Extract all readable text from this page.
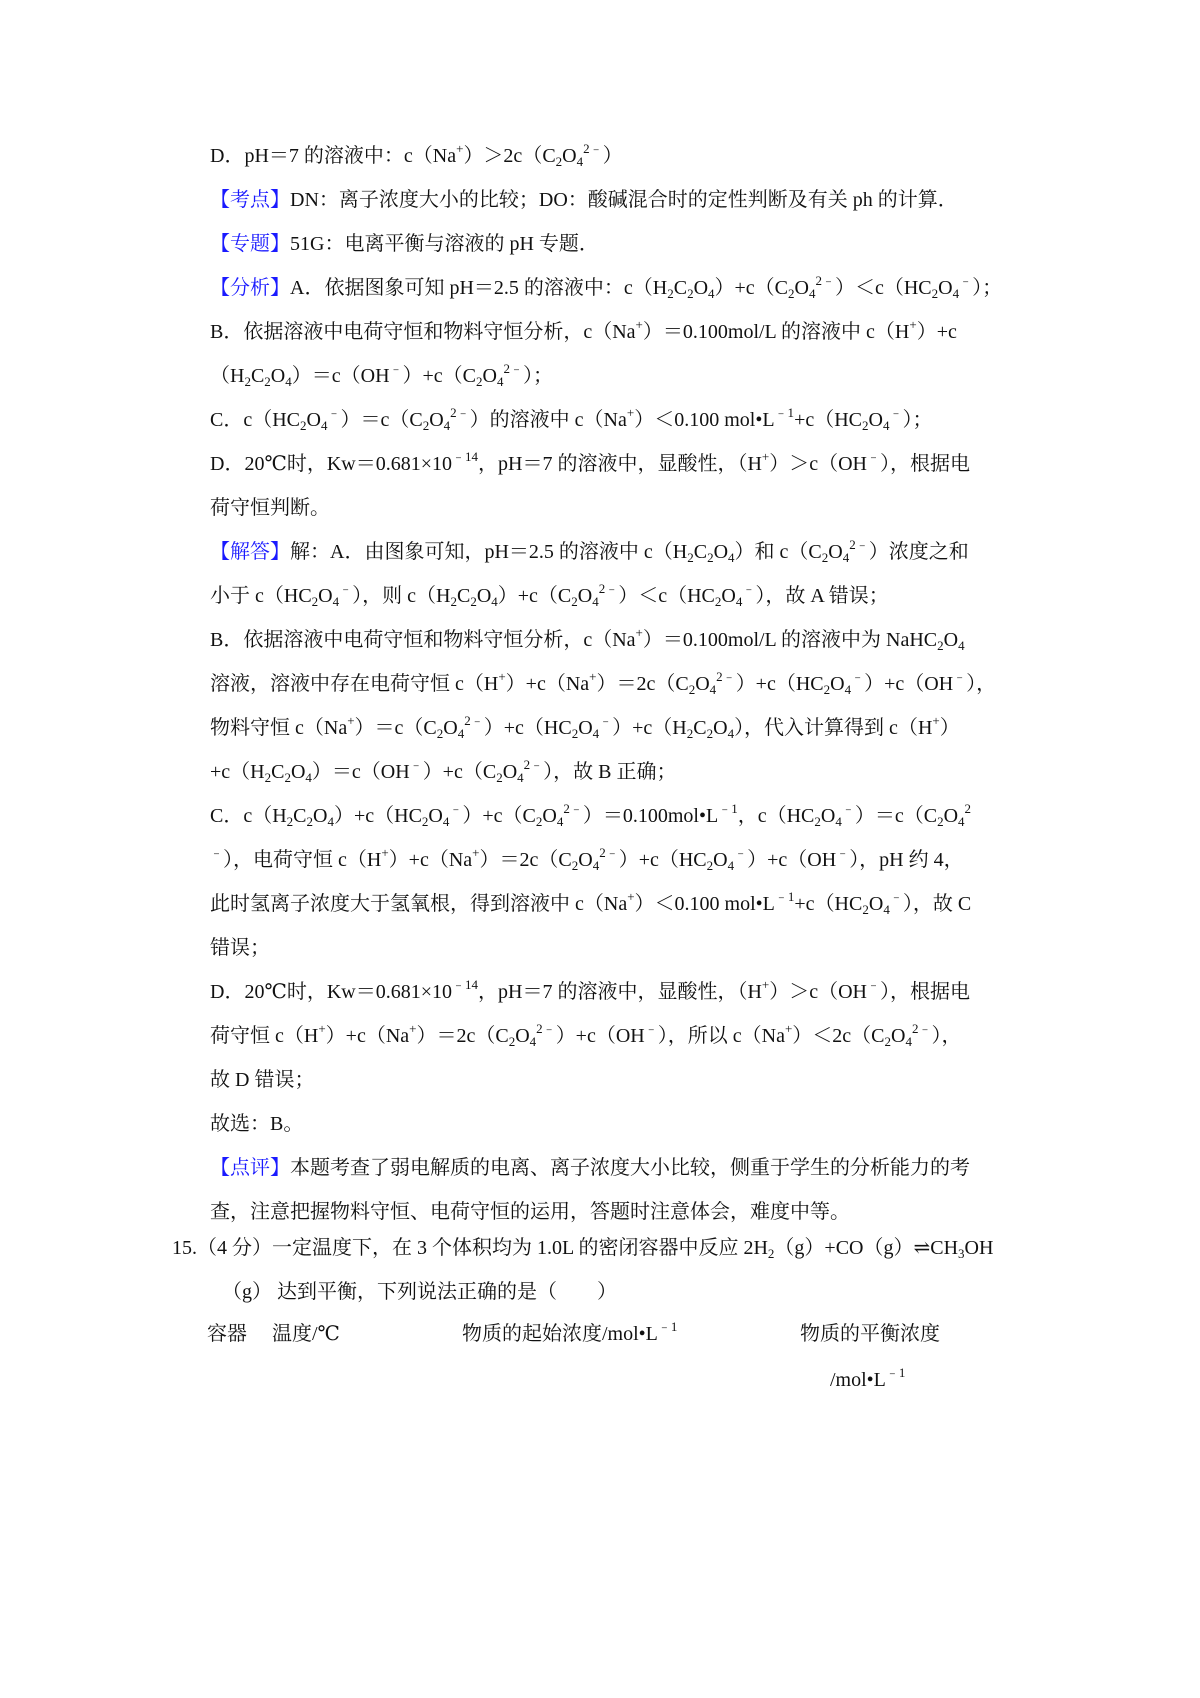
D．pH＝7 的溶液中：$c(Na^+)>2c(C_2O_4^{2﹣})$
【考点】DN：离子浓度大小的比较；DO：酸碱混合时的定性判断及有关 ph 的计算．
【专题】51G：电离平衡与溶液的 pH 专题．
【分析】A．依据图象可知 pH＝2.5 的溶液中：$c(H_2C_2O_4)+c(C_2O_4^{2﹣})<c(HC_2O_4^﹣)$；
B．依据溶液中电荷守恒和物料守恒分析，c（Na+）＝0.100mol/L 的溶液中 c（H+）+c
$(H_2C_2O_4)=c(OH^﹣)+c(C_2O_4^{2﹣})$；
C．$c(HC_2O_4^﹣)=c(C_2O_4^{2﹣})$的溶液中 c（Na+）＜0.100 $mol•L^{﹣1}+c(HC_2O_4^﹣)$；
D．20℃时，$Kw=0.681\times 10^{﹣14}$，pH＝7 的溶液中，显酸性，（H+）＞c（OH﹣），根据电
荷守恒判断。
【解答】解：A．由图象可知，pH＝2.5 的溶液中 $c(H_2C_2O_4)$和 $c(C_2O_4^{2﹣})$浓度之和
小于 $c(HC_2O_4^﹣)$，则 $c(H_2C_2O_4)+c(C_2O_4^{2﹣})<c(HC_2O_4^﹣)$，故 A 错误；
B．依据溶液中电荷守恒和物料守恒分析，c（Na+）＝0.100mol/L 的溶液中为 $NaHC_2O_4$
溶液，溶液中存在电荷守恒 $c(H^+)+c(Na^+)=2c(C_2O_4^{2﹣})+c(HC_2O_4^﹣)+c(OH^﹣)$，
物料守恒 $c(Na^+)=c(C_2O_4^{2﹣})+c(HC_2O_4^﹣)+c(H_2C_2O_4)$，代入计算得到 c（H+）
$+c(H_2C_2O_4)=c(OH^﹣)+c(C_2O_4^{2﹣})$，故 B 正确；
C．$c(H_2C_2O_4)+c(HC_2O_4^﹣)+c(C_2O_4^{2﹣})=0.100mol•L^{﹣1}$，$c(HC_2O_4^﹣)=c(C_2O_4^2$
﹣），电荷守恒 $c(H^+)+c(Na^+)=2c(C_2O_4^{2﹣})+c(HC_2O_4^﹣)+c(OH^﹣)$，pH 约 4，
此时氢离子浓度大于氢氧根，得到溶液中 c（Na+）＜0.100 $mol•L^{﹣1}+c(HC_2O_4^﹣)$，故 C
错误；
D．20℃时，$Kw=0.681\times 10^{﹣14}$，pH＝7 的溶液中，显酸性，（H+）＞c（OH﹣），根据电
荷守恒 $c(H^+)+c(Na^+)=2c(C_2O_4^{2﹣})+c(OH^﹣)$，所以 $c(Na^+)<2c(C_2O_4^{2﹣})$，
故 D 错误；
故选：B。
【点评】本题考查了弱电解质的电离、离子浓度大小比较，侧重于学生的分析能力的考
查，注意把握物料守恒、电荷守恒的运用，答题时注意体会，难度中等。
15.（4 分）一定温度下，在 3 个体积均为 1.0L 的密闭容器中反应 $2H_2(g)+CO(g)\rightleftharpoons CH_3OH$
（g） 达到平衡，下列说法正确的是（　　）
容器 温度/℃	物质的起始浓度$/mol•L^{﹣1}$	物质的平衡浓度
$/mol•L^{﹣1}$
